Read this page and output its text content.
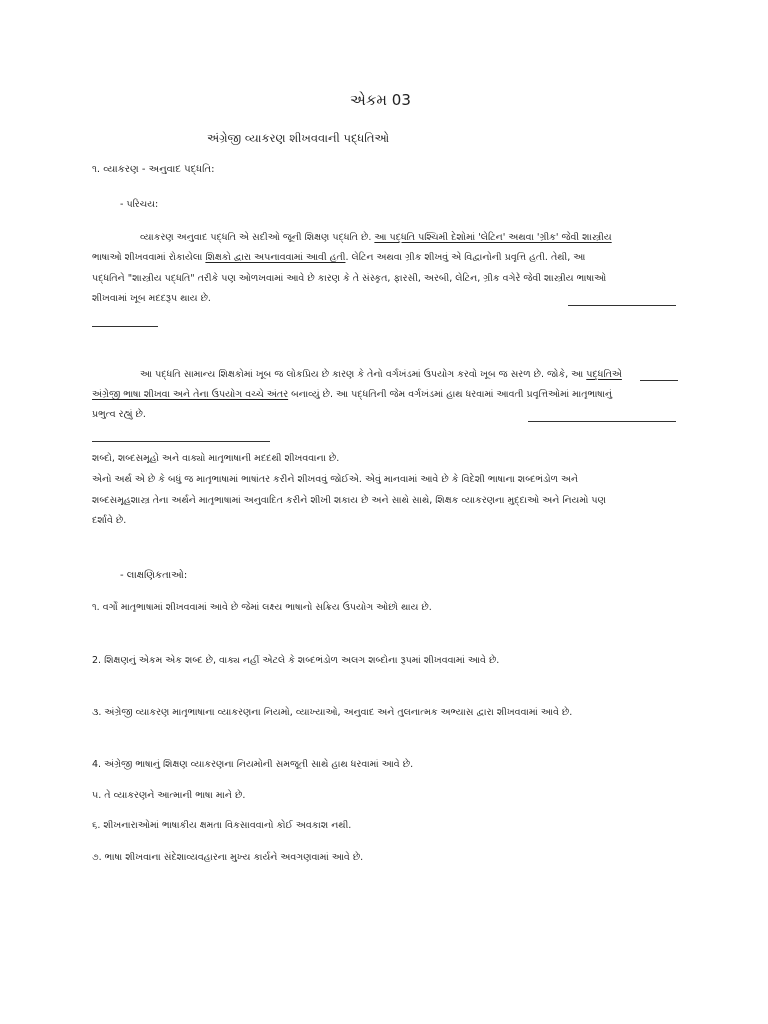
એકમ 03
અંગ્રેજી વ્યાકરણ શીખવવાની પદ્ધતિઓ
૧. વ્યાકરણ - અનુવાદ પદ્ધતિ:
- પરિચય:
વ્યાકરણ અનુવાદ પદ્ધતિ એ સદીઓ જૂની શિક્ષણ પદ્ધતિ છે. આ પદ્ધતિ પશ્ચિમી દેશોમાં 'લેટિન' અથવા 'ગ્રીક' જેવી શાસ્ત્રીય
ભાષાઓ શીખવવામાં રોકાયેલા શિક્ષકો દ્વારા અપનાવવામાં આવી હતી. લેટિન અથવા ગ્રીક શીખવું એ વિદ્વાનોની પ્રવૃત્તિ હતી. તેથી, આ
પદ્ધતિને "શાસ્ત્રીય પદ્ધતિ" તરીકે પણ ઓળખવામાં આવે છે કારણ કે તે સંસ્કૃત, ફારસી, અરબી, લેટિન, ગ્રીક વગેરે જેવી શાસ્ત્રીય ભાષાઓ
શીખવામાં ખૂબ મદદરૂપ થાય છે.
આ પદ્ધતિ સામાન્ય શિક્ષકોમાં ખૂબ જ લોકપ્રિય છે કારણ કે તેનો વર્ગખંડમાં ઉપયોગ કરવો ખૂબ જ સરળ છે. જોકે, આ પદ્ધતિએ
અંગ્રેજી ભાષા શીખવા અને તેના ઉપયોગ વચ્ચે અંતર બનાવ્યું છે. આ પદ્ધતિની જેમ વર્ગખંડમાં હાથ ધરવામાં આવતી પ્રવૃત્તિઓમાં માતૃભાષાનું
પ્રભુત્વ રહ્યું છે.
શબ્દો, શબ્દસમૂહો અને વાક્યો માતૃભાષાની મદદથી શીખવવાના છે.
એનો અર્થ એ છે કે બધું જ માતૃભાષામાં ભાષાંતર કરીને શીખવવું જોઈએ. એવું માનવામાં આવે છે કે વિદેશી ભાષાના શબ્દભંડોળ અને
શબ્દસમૂહશાસ્ત્ર તેના અર્થને માતૃભાષામાં અનુવાદિત કરીને શીખી શકાય છે અને સાથે સાથે, શિક્ષક વ્યાકરણના મુદ્દાઓ અને નિયમો પણ
દર્શાવે છે.
- લાક્ષણિકતાઓ:
૧. વર્ગો માતૃભાષામાં શીખવવામાં આવે છે જેમાં લક્ષ્ય ભાષાનો સક્રિય ઉપયોગ ઓછો થાય છે.
2. શિક્ષણનું એકમ એક શબ્દ છે, વાક્ય નહીં એટલે કે શબ્દભંડોળ અલગ શબ્દોના રૂપમાં શીખવવામાં આવે છે.
૩. અંગ્રેજી વ્યાકરણ માતૃભાષાના વ્યાકરણના નિયમો, વ્યાખ્યાઓ, અનુવાદ અને તુલનાત્મક અભ્યાસ દ્વારા શીખવવામાં આવે છે.
4. અંગ્રેજી ભાષાનું શિક્ષણ વ્યાકરણના નિયમોની સમજૂતી સાથે હાથ ધરવામાં આવે છે.
૫. તે વ્યાકરણને આત્માની ભાષા માને છે.
૬. શીખનારાઓમાં ભાષાકીય ક્ષમતા વિકસાવવાનો કોઈ અવકાશ નથી.
૭. ભાષા શીખવાના સંદેશાવ્યવહારના મુખ્ય કાર્યને અવગણવામાં આવે છે.
